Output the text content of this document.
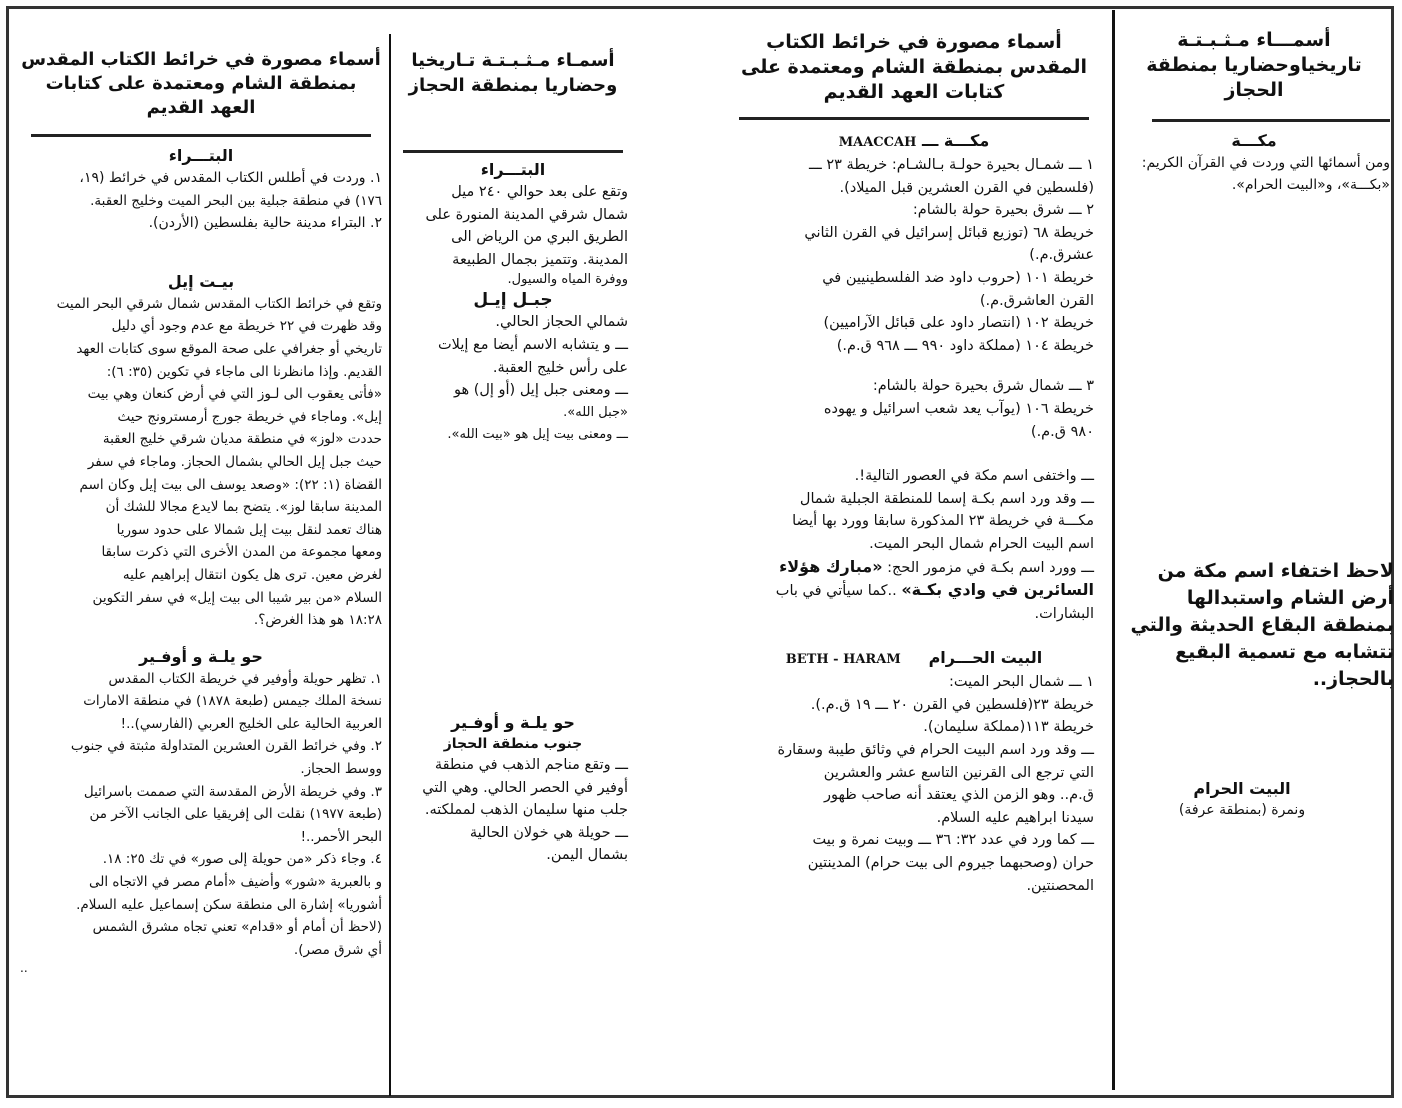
أسمـــاء مـثـبـتـة تاريخياوحضاريا بمنطقة الحجاز
مكـــة

ومن أسمائها التي وردت في القرآن الكريم: «بكـــة»، و«البيت الحرام».

لاحظ اختفاء اسم مكة من أرض الشام واستبدالها بمنطقة البقاع الحديثة والتي تتشابه مع تسمية البقيع بالحجاز..
البيت الحرام
ونمرة (بمنطقة عرفة)
أسماء مصورة في خرائط الكتاب المقدس بمنطقة الشام ومعتمدة على كتابات العهد القديم
مكـــة ـــ MAACCAH

١ ـــ شمـال بحيرة حولـة بـالشـام: خريطة ٢٣ ـــ

(فلسطين في القرن العشرين قبل الميلاد).

٢ ـــ شرق بحيرة حولة بالشام:

خريطة ٦٨ (توزيع قبائل إسرائيل في القرن الثاني

عشرق.م.)

خريطة ١٠١ (حروب داود ضد الفلسطينيين في

القرن العاشرق.م.)

خريطة ١٠٢ (انتصار داود على قبائل الآراميين)

خريطة ١٠٤ (مملكة داود ٩٩٠ ـــ ٩٦٨ ق.م.)

٣ ـــ شمال شرق بحيرة حولة بالشام:

خريطة ١٠٦ (يوآب يعد شعب اسرائيل و يهوده

٩٨٠ ق.م.)

ـــ واختفى اسم مكة في العصور التالية!.

ـــ وقد ورد اسم بكـة إسما للمنطقة الجبلية شمال

مكـــة في خريطة ٢٣ المذكورة سابقا وورد بها أيضا

اسم البيت الحرام شمال البحر الميت.

ـــ وورد اسم بكـة في مزمور الحج: «مبارك هؤلاء السائرين في وادي بكـة» ..كما سيأتي في باب البشارات.

البيت الحـــرام     BETH - HARAM

١ ـــ شمال البحر الميت:

خريطة ٢٣(فلسطين في القرن ٢٠ ـــ ١٩ ق.م.).

خريطة ١١٣(مملكة سليمان).

ـــ وقد ورد اسم البيت الحرام في وثائق طيبة وسقارة

التي ترجع الى القرنين التاسع عشر والعشرين

ق.م.. وهو الزمن الذي يعتقد أنه صاحب ظهور

سيدنا ابراهيم عليه السلام.

ـــ كما ورد في عدد ٣٢: ٣٦ ـــ وبيت نمرة و بيت

حران (وصحبهما جيروم الى بيت حرام) المدينتين

المحصنتين.

أسمـاء مـثـبـتـة تـاريخيا وحضاريا بمنطقة الحجاز
البتـــراء

وتقع على بعد حوالي ٢٤٠ ميل

شمال شرقي المدينة المنورة على

الطريق البري من الرياض الى

المدينة. وتتميز بجمال الطبيعة

ووفرة المياه والسيول.

جبـل إيـل

شمالي الحجاز الحالي.

ـــ و يتشابه الاسم أيضا مع إيلات

على رأس خليج العقبة.

ـــ ومعنى جبل إيل (أو إل) هو

«جبل الله».

ـــ ومعنى بيت إيل هو «بيت الله».

حو يلـة و أوفـير
جنوب منطقة الحجاز

ـــ وتقع مناجم الذهب في منطقة

أوفير في الحصر الحالي. وهي التي

جلب منها سليمان الذهب لمملكته.

ـــ حويلة هي خولان الحالية

بشمال اليمن.

أسماء مصورة في خرائط الكتاب المقدس بمنطقة الشام ومعتمدة على كتابات العهد القديم
البتـــراء

١. وردت في أطلس الكتاب المقدس في خرائط (١٩،

١٧٦) في منطقة جبلية بين البحر الميت وخليج العقبة.

٢. البتراء مدينة حالية بفلسطين (الأردن).

بيـت إيل

وتقع في خرائط الكتاب المقدس شمال شرقي البحر الميت

وقد ظهرت في ٢٢ خريطة مع عدم وجود أي دليل

تاريخي أو جغرافي على صحة الموقع سوى كتابات العهد

القديم. وإذا مانظرنا الى ماجاء في تكوين (٣٥: ٦):

«فأتى يعقوب الى لـوز التي في أرض كنعان وهي بيت

إيل». وماجاء في خريطة جورج أرمسترونج حيث

حددت «لوز» في منطقة مديان شرقي خليج العقبة

حيث جبل إيل الحالي بشمال الحجاز. وماجاء في سفر

القضاة (١: ٢٢): «وصعد يوسف الى بيت إيل وكان اسم

المدينة سابقا لوز». يتضح بما لايدع مجالا للشك أن

هناك تعمد لنقل بيت إيل شمالا على حدود سوريا

ومعها مجموعة من المدن الأخرى التي ذكرت سابقا

لغرض معين. ترى هل يكون انتقال إبراهيم عليه

السلام «من بير شيبا الى بيت إيل» في سفر التكوين

١٨:٢٨ هو هذا الغرض؟.

حو يلـة و أوفـير

١. تظهر حويلة وأوفير في خريطة الكتاب المقدس

نسخة الملك جيمس (طبعة ١٨٧٨) في منطقة الامارات

العربية الحالية على الخليج العربي (الفارسي)..!

٢. وفي خرائط القرن العشرين المتداولة مثبتة في جنوب

ووسط الحجاز.

٣. وفي خريطة الأرض المقدسة التي صممت باسرائيل

(طبعة ١٩٧٧) نقلت الى إفريقيا على الجانب الآخر من

البحر الأحمر..!

٤. وجاء ذكر «من حويلة إلى صور» في تك ٢٥: ١٨.

و بالعبرية «شور» وأضيف «أمام مصر في الاتجاه الى

أشوريا» إشارة الى منطقة سكن إسماعيل عليه السلام.

(لاحظ أن أمام أو «قدام» تعني تجاه مشرق الشمس

أي شرق مصر).

..
